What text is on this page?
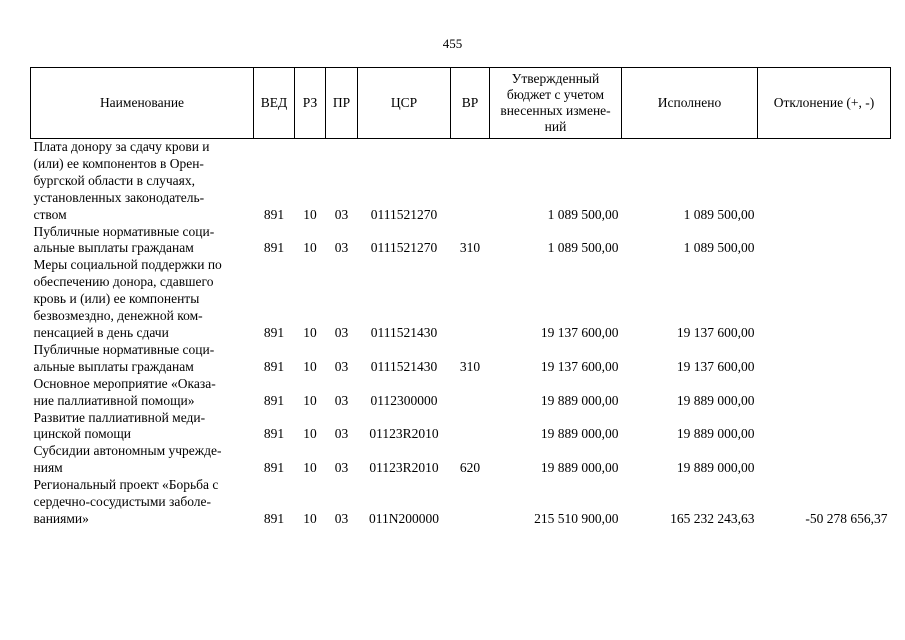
455
Наименование	ВЕД	РЗ	ПР	ЦСР	ВР	Утвержденный бюджет с учетом внесенных измене-ний	Исполнено	Отклонение (+, -)
Плата донору за сдачу крови и
(или) ее компонентов в Орен-
бургской области в случаях,
установленных законодатель-
ством	891	10	03	0111521270		1 089 500,00	1 089 500,00	
Публичные нормативные соци-
альные выплаты гражданам	891	10	03	0111521270	310	1 089 500,00	1 089 500,00	
Меры социальной поддержки по
обеспечению донора, сдавшего
кровь и (или) ее компоненты
безвозмездно, денежной ком-
пенсацией в день сдачи	891	10	03	0111521430		19 137 600,00	19 137 600,00	
Публичные нормативные соци-
альные выплаты гражданам	891	10	03	0111521430	310	19 137 600,00	19 137 600,00	
Основное мероприятие «Оказа-
ние паллиативной помощи»	891	10	03	0112300000		19 889 000,00	19 889 000,00	
Развитие паллиативной меди-
цинской помощи	891	10	03	01123R2010		19 889 000,00	19 889 000,00	
Субсидии автономным учрежде-
ниям	891	10	03	01123R2010	620	19 889 000,00	19 889 000,00	
Региональный проект «Борьба с
сердечно-сосудистыми заболе-
ваниями»	891	10	03	011N200000		215 510 900,00	165 232 243,63	-50 278 656,37
